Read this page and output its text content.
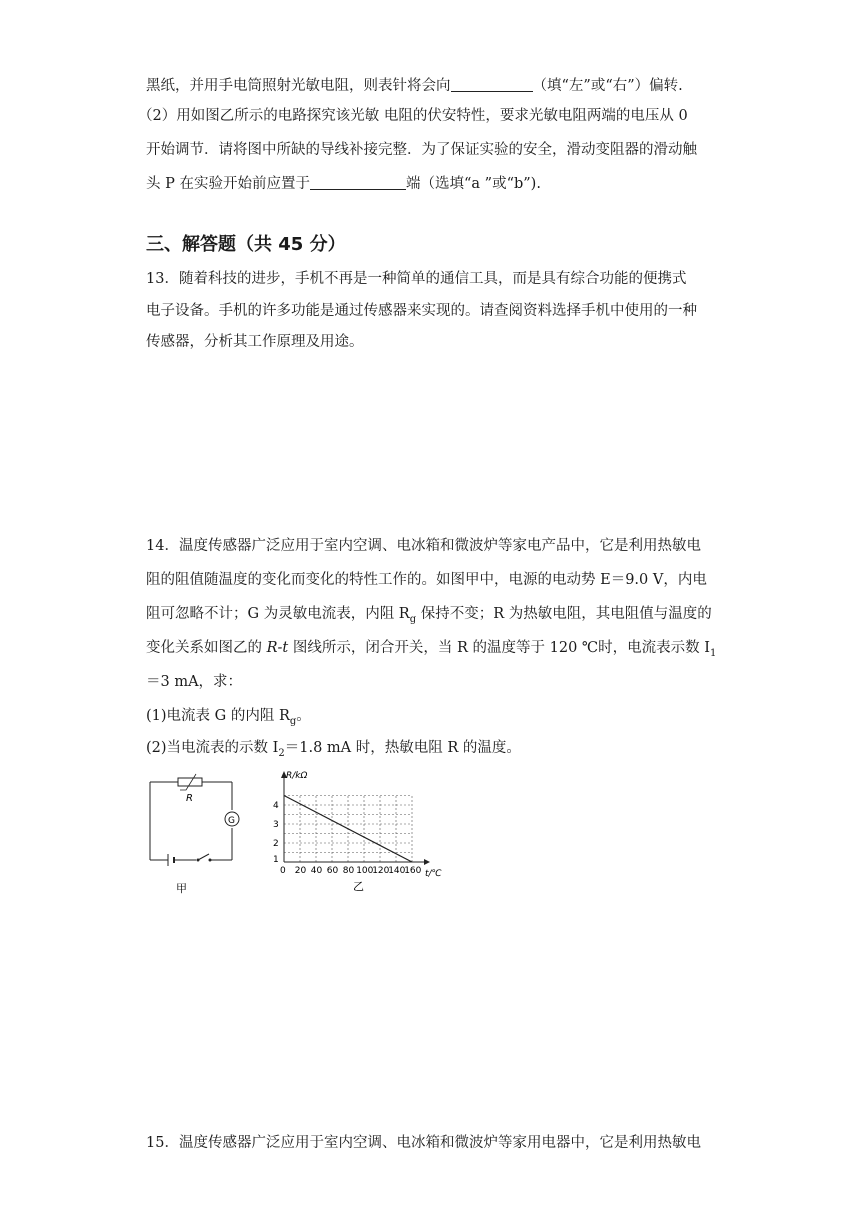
黑纸，并用手电筒照射光敏电阻，则表针将会向	（填“左”或“右”）偏转.
（2）用如图乙所示的电路探究该光敏 电阻的伏安特性，要求光敏电阻两端的电压从 0
开始调节．请将图中所缺的导线补接完整．为了保证实验的安全，滑动变阻器的滑动触
头 P 在实验开始前应置于	端（选填“a ”或“b”).
三、解答题（共 45 分）
13．随着科技的进步，手机不再是一种简单的通信工具，而是具有综合功能的便携式
电子设备。手机的许多功能是通过传感器来实现的。请查阅资料选择手机中使用的一种
传感器，分析其工作原理及用途。
14．温度传感器广泛应用于室内空调、电冰箱和微波炉等家电产品中，它是利用热敏电
阻的阻值随温度的变化而变化的特性工作的。如图甲中，电源的电动势 E＝9.0 V，内电
阻可忽略不计；G 为灵敏电流表，内阻 $R_g$ 保持不变；R 为热敏电阻，其电阻值与温度的
变化关系如图乙的 R-t 图线所示，闭合开关，当 R 的温度等于 120 ℃时，电流表示数 $I_1$
＝3 mA，求：
(1)电流表 G 的内阻 $R_g$。
(2)当电流表的示数 $I_2=1.8$ mA 时，热敏电阻 R 的温度。
R
G
甲
0 20 40 60 80 100
120
140
160
1
2
3
4
R/kΩ
t/℃
乙
15．温度传感器广泛应用于室内空调、电冰箱和微波炉等家用电器中，它是利用热敏电
